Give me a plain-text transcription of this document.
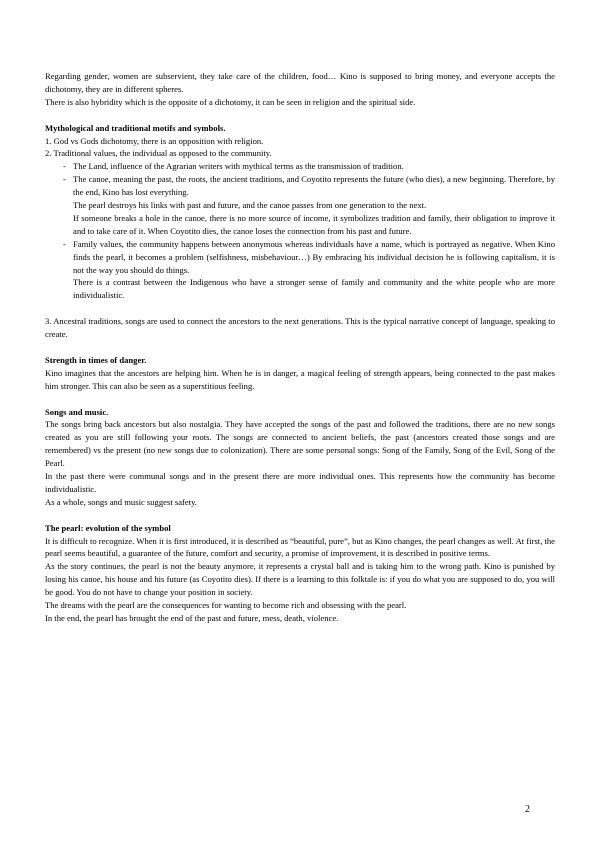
Regarding gender, women are subservient, they take care of the children, food… Kino is supposed to bring money, and everyone accepts the dichotomy, they are in different spheres.

There is also hybridity which is the opposite of a dichotomy, it can be seen in religion and the spiritual side.

Mythological and traditional motifs and symbols.

1. God vs Gods dichotomy, there is an opposition with religion.

2. Traditional values, the individual as opposed to the community.

- The Land, influence of the Agrarian writers with mythical terms as the transmission of tradition.

- The canoe, meaning the past, the roots, the ancient traditions, and Coyotito represents the future (who dies), a new beginning. Therefore, by the end, Kino has lost everything.

The pearl destroys his links with past and future, and the canoe passes from one generation to the next.

If someone breaks a hole in the canoe, there is no more source of income, it symbolizes tradition and family, their obligation to improve it and to take care of it. When Coyotito dies, the canoe loses the connection from his past and future.

- Family values, the community happens between anonymous whereas individuals have a name, which is portrayed as negative. When Kino finds the pearl, it becomes a problem (selfishness, misbehaviour…) By embracing his individual decision he is following capitalism, it is not the way you should do things.

There is a contrast between the Indigenous who have a stronger sense of family and community and the white people who are more individualistic.

3. Ancestral traditions, songs are used to connect the ancestors to the next generations. This is the typical narrative concept of language, speaking to create.

Strength in times of danger.

Kino imagines that the ancestors are helping him. When he is in danger, a magical feeling of strength appears, being connected to the past makes him stronger. This can also be seen as a superstitious feeling.

Songs and music.

The songs bring back ancestors but also nostalgia. They have accepted the songs of the past and followed the traditions, there are no new songs created as you are still following your roots. The songs are connected to ancient beliefs, the past (ancestors created those songs and are remembered) vs the present (no new songs due to colonization). There are some personal songs: Song of the Family, Song of the Evil, Song of the Pearl.

In the past there were communal songs and in the present there are more individual ones. This represents how the community has become individualistic.

As a whole, songs and music suggest safety.

The pearl: evolution of the symbol

It is difficult to recognize. When it is first introduced, it is described as “beautiful, pure”, but as Kino changes, the pearl changes as well. At first, the pearl seems beautiful, a guarantee of the future, comfort and security, a promise of improvement, it is described in positive terms.

As the story continues, the pearl is not the beauty anymore, it represents a crystal ball and is taking him to the wrong path. Kino is punished by losing his canoe, his house and his future (as Coyotito dies). If there is a learning to this folktale is: if you do what you are supposed to do, you will be good. You do not have to change your position in society.

The dreams with the pearl are the consequences for wanting to become rich and obsessing with the pearl.

In the end, the pearl has brought the end of the past and future, mess, death, violence.

2
